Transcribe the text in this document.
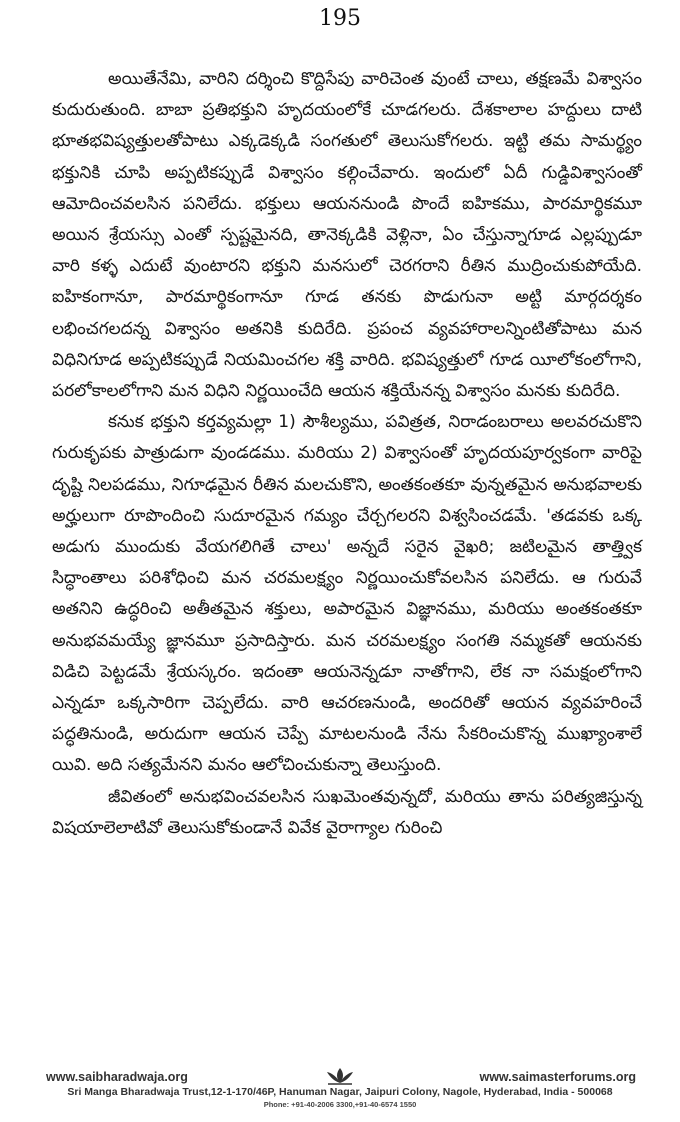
195

అయితేనేమి, వారిని దర్శించి కొద్దిసేపు వారిచెంత వుంటే చాలు, తక్షణమే విశ్వాసం కుదురుతుంది. బాబా ప్రతిభక్తుని హృదయంలోకే చూడగలరు. దేశకాలాల హద్దులు దాటి భూతభవిష్యత్తులతోపాటు ఎక్కడెక్కడి సంగతులో తెలుసుకోగలరు. ఇట్టి తమ సామర్థ్యం భక్తునికి చూపి అప్పటికప్పుడే విశ్వాసం కల్గించేవారు. ఇందులో ఏదీ గుడ్డివిశ్వాసంతో ఆమోదించవలసిన పనిలేదు. భక్తులు ఆయననుండి పొందే ఐహికము, పారమార్థికమూ అయిన శ్రేయస్సు ఎంతో స్పష్టమైనది, తానెక్కడికి వెళ్లినా, ఏం చేస్తున్నాగూడ ఎల్లప్పుడూ వారి కళ్ళ ఎదుటే వుంటారని భక్తుని మనసులో చెరగరాని రీతిన ముద్రించుకుపోయేది. ఐహికంగానూ, పారమార్థికంగానూ గూడ తనకు పొడుగునా అట్టి మార్గదర్శకం లభించగలదన్న విశ్వాసం అతనికి కుదిరేది. ప్రపంచ వ్యవహారాలన్నింటితోపాటు మన విధినిగూడ అప్పటికప్పుడే నియమించగల శక్తి వారిది. భవిష్యత్తులో గూడ యీలోకంలోగాని, పరలోకాలలోగాని మన విధిని నిర్ణయించేది ఆయన శక్తియేనన్న విశ్వాసం మనకు కుదిరేది.

కనుక భక్తుని కర్తవ్యమల్లా 1) సౌశీల్యము, పవిత్రత, నిరాడంబరాలు అలవరచుకొని గురుకృపకు పాత్రుడుగా వుండడము. మరియు 2) విశ్వాసంతో హృదయపూర్వకంగా వారిపై దృష్టి నిలపడము, నిగూఢమైన రీతిన మలచుకొని, అంతకంతకూ వున్నతమైన అనుభవాలకు అర్హులుగా రూపొందించి సుదూరమైన గమ్యం చేర్చగలరని విశ్వసించడమే. 'తడవకు ఒక్క అడుగు ముందుకు వేయగలిగితే చాలు' అన్నదే సరైన వైఖరి; జటిలమైన తాత్త్విక సిద్ధాంతాలు పరిశోధించి మన చరమలక్ష్యం నిర్ణయించుకోవలసిన పనిలేదు. ఆ గురువే అతనిని ఉద్ధరించి అతీతమైన శక్తులు, అపారమైన విజ్ఞానము, మరియు అంతకంతకూ అనుభవమయ్యే జ్ఞానమూ ప్రసాదిస్తారు. మన చరమలక్ష్యం సంగతి నమ్మకతో ఆయనకు విడిచి పెట్టడమే శ్రేయస్కరం. ఇదంతా ఆయనెన్నడూ నాతోగాని, లేక నా సమక్షంలోగాని ఎన్నడూ ఒక్కసారిగా చెప్పలేదు. వారి ఆచరణనుండి, అందరితో ఆయన వ్యవహరించే పద్ధతినుండి, అరుదుగా ఆయన చెప్పే మాటలనుండి నేను సేకరించుకొన్న ముఖ్యాంశాలే యివి. అది సత్యమేనని మనం ఆలోచించుకున్నా తెలుస్తుంది.

జీవితంలో అనుభవించవలసిన సుఖమెంతవున్నదో, మరియు తాను పరిత్యజిస్తున్న విషయాలెలాటివో తెలుసుకోకుండానే వివేక వైరాగ్యాల గురించి

www.saibharadwaja.org	www.saimasterforums.org
Sri Manga Bharadwaja Trust,12-1-170/46P, Hanuman Nagar, Jaipuri Colony, Nagole, Hyderabad, India - 500068
Phone: +91-40-2006 3300,+91-40-6574 1550
